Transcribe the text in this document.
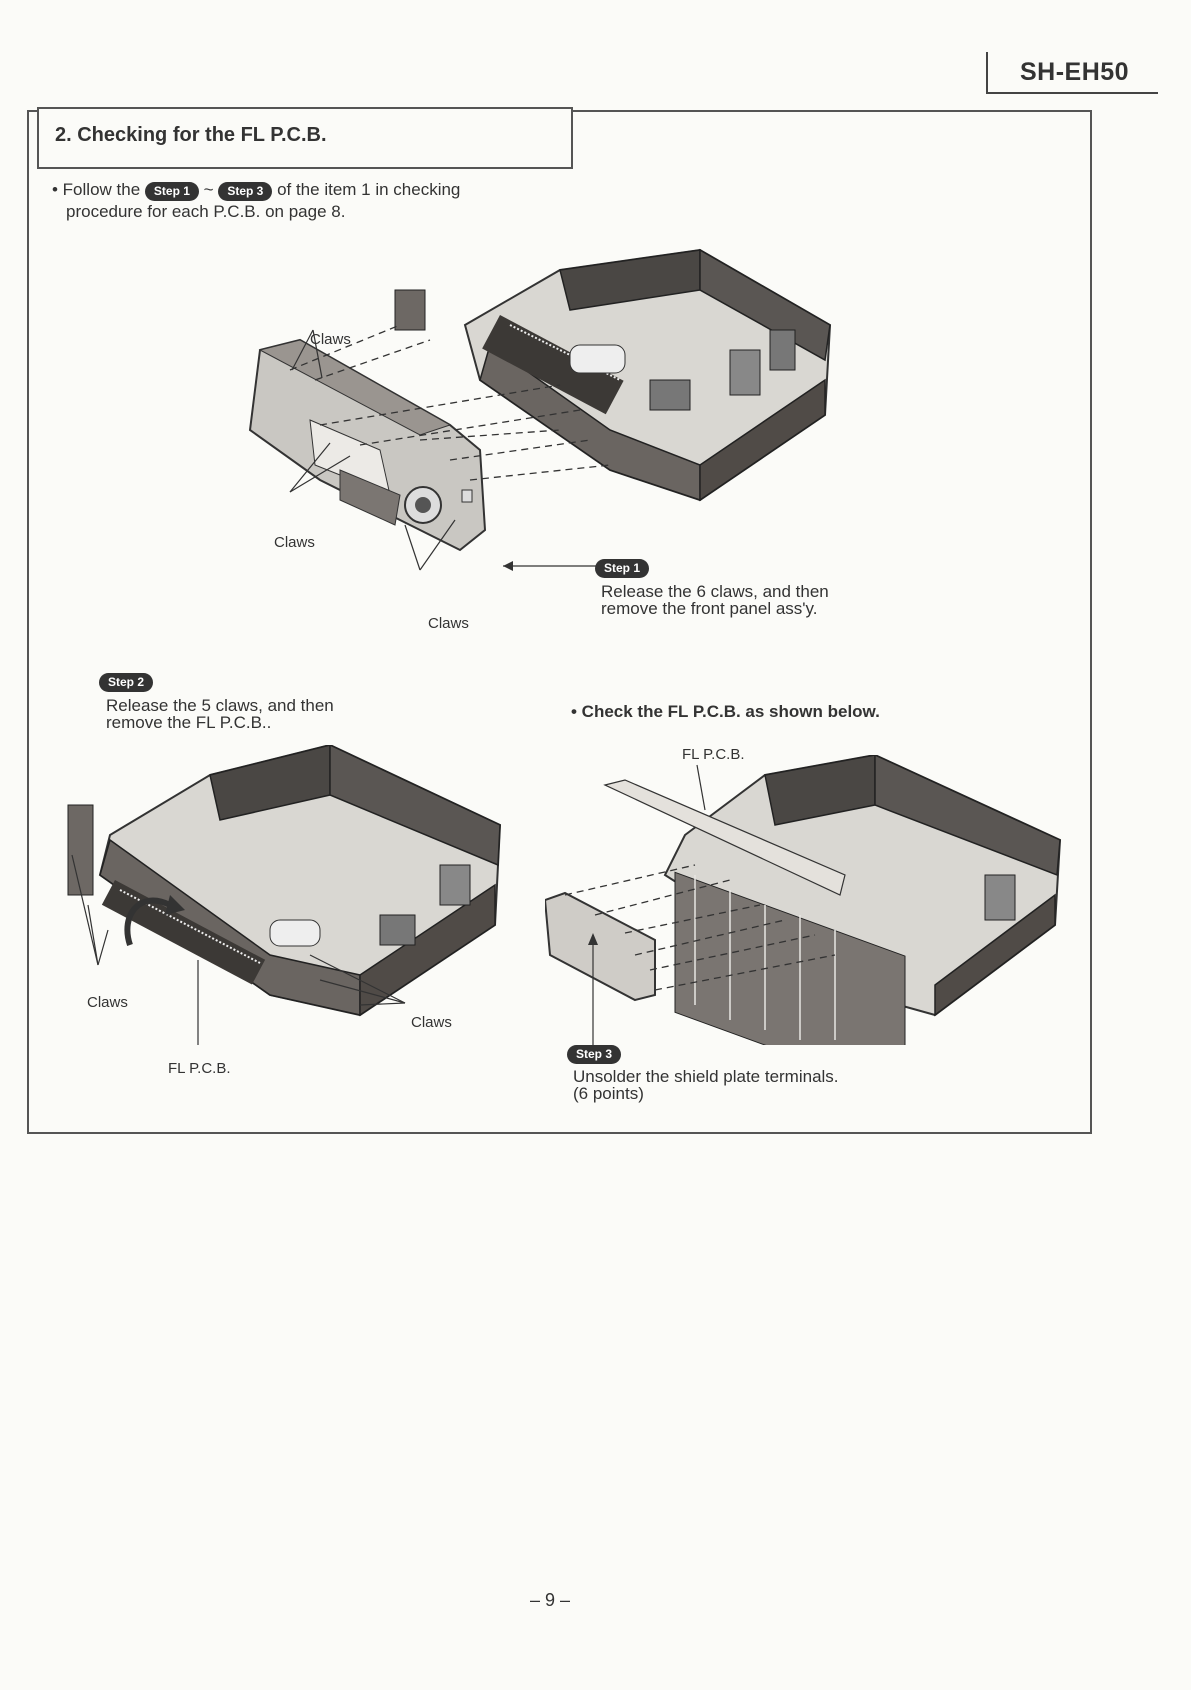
SH-EH50
2. Checking for the FL P.C.B.
• Follow the Step 1 ~ Step 3 of the item 1 in checking
procedure for each P.C.B. on page 8.
Claws
Claws
Claws
Step 1
Release the 6 claws, and then
remove the front panel ass'y.
Step 2
Release the 5 claws, and then
remove the FL P.C.B..
Claws
Claws
FL P.C.B.
• Check the FL P.C.B. as shown below.
FL P.C.B.
Step 3
Unsolder the shield plate terminals.
(6 points)
– 9 –
